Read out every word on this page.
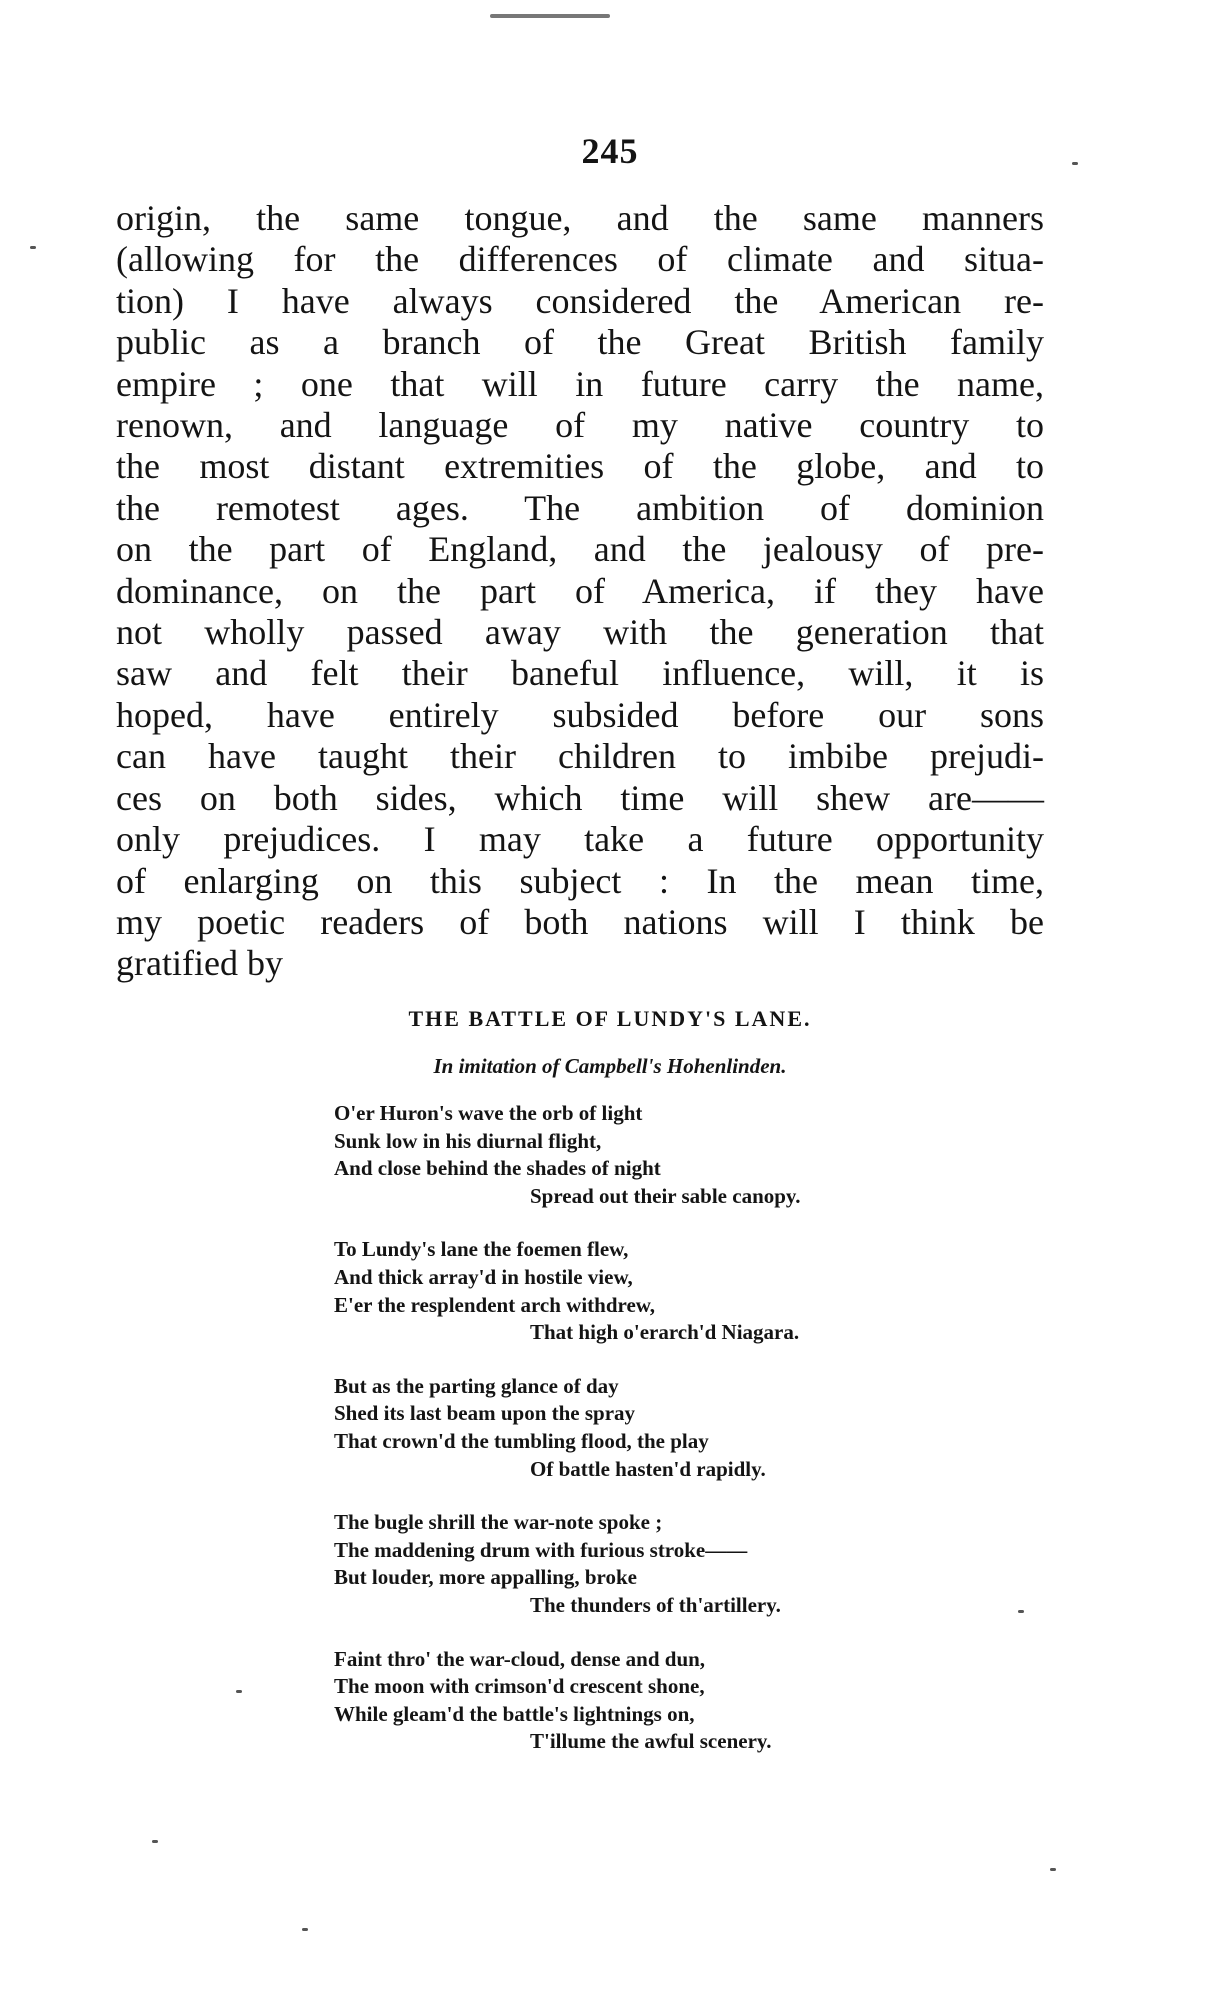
245
origin, the same tongue, and the same manners
(allowing for the differences of climate and situa-
tion) I have always considered the American re-
public as a branch of the Great British family
empire ; one that will in future carry the name,
renown, and language of my native country to
the most distant extremities of the globe, and to
the remotest ages. The ambition of dominion
on the part of England, and the jealousy of pre-
dominance, on the part of America, if they have
not wholly passed away with the generation that
saw and felt their baneful influence, will, it is
hoped, have entirely subsided before our sons
can have taught their children to imbibe prejudi-
ces on both sides, which time will shew are——
only prejudices. I may take a future opportunity
of enlarging on this subject : In the mean time,
my poetic readers of both nations will I think be
gratified by
THE BATTLE OF LUNDY'S LANE.
In imitation of Campbell's Hohenlinden.
O'er Huron's wave the orb of light
Sunk low in his diurnal flight,
And close behind the shades of night
Spread out their sable canopy.
To Lundy's lane the foemen flew,
And thick array'd in hostile view,
E'er the resplendent arch withdrew,
That high o'erarch'd Niagara.
But as the parting glance of day
Shed its last beam upon the spray
That crown'd the tumbling flood, the play
Of battle hasten'd rapidly.
The bugle shrill the war-note spoke ;
The maddening drum with furious stroke——
But louder, more appalling, broke
The thunders of th'artillery.
Faint thro' the war-cloud, dense and dun,
The moon with crimson'd crescent shone,
While gleam'd the battle's lightnings on,
T'illume the awful scenery.
